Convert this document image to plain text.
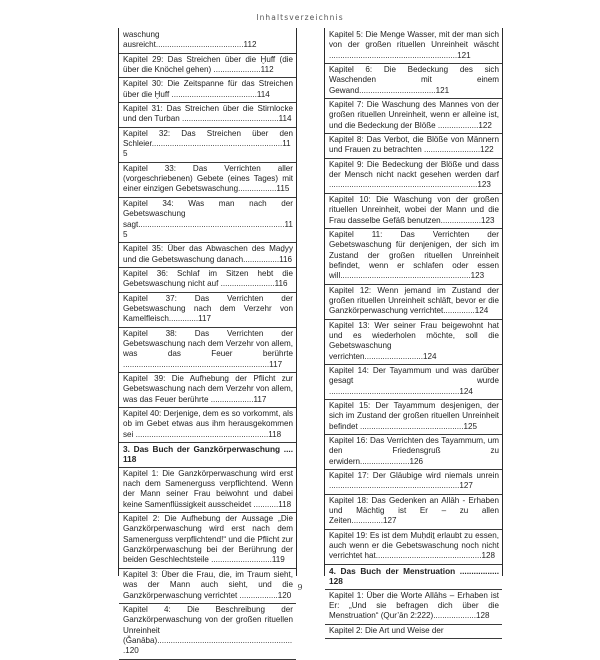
Inhaltsverzeichnis
waschung ausreicht.......................................112
Kapitel 29: Das Streichen über die Ḫuff (die über die Knöchel gehen) .....................112
Kapitel 30: Die Zeitspanne für das Streichen über die Ḫuff ......................................114
Kapitel 31: Das Streichen über die Stirnlocke und den Turban ...........................................114
Kapitel 32: Das Streichen über den Schleier..........................................................115
Kapitel 33: Das Verrichten aller (vorgeschriebenen) Gebete (eines Tages) mit einer einzigen Gebetswaschung.................115
Kapitel 34: Was man nach der Gebetswaschung sagt.................................................................115
Kapitel 35: Über das Abwaschen des Maḏyy und die Gebetswaschung danach................116
Kapitel 36: Schlaf im Sitzen hebt die Gebetswaschung nicht auf ........................116
Kapitel 37: Das Verrichten der Gebetswaschung nach dem Verzehr von Kamelfleisch.............117
Kapitel 38: Das Verrichten der Gebetswaschung nach dem Verzehr von allem, was das Feuer berührte .................................................................117
Kapitel 39: Die Aufhebung der Pflicht zur Gebetswaschung nach dem Verzehr von allem, was das Feuer berührte ...................117
Kapitel 40: Derjenige, dem es so vorkommt, als ob im Gebet etwas aus ihm herausgekommen sei ...........................................................118
3. Das Buch der Ganzkörperwaschung .... 118
Kapitel 1: Die Ganzkörperwaschung wird erst nach dem Samenerguss verpflichtend. Wenn der Mann seiner Frau beiwohnt und dabei keine Samenflüssigkeit ausscheidet ...........118
Kapitel 2: Die Aufhebung der Aussage „Die Ganzkörperwaschung wird erst nach dem Samenerguss verpflichtend!“ und die Pflicht zur Ganzkörperwaschung bei der Berührung der beiden Geschlechtsteile ...........................119
Kapitel 3: Über die Frau, die, im Traum sieht, was der Mann auch sieht, und die Ganzkörperwaschung verrichtet .................120
Kapitel 4: Die Beschreibung der Ganzkörperwaschung von der großen rituellen Unreinheit (Ǧanāba).............................................................120
Kapitel 5: Die Menge Wasser, mit der man sich von der großen rituellen Unreinheit wäscht .........................................................121
Kapitel 6: Die Bedeckung des sich Waschenden mit einem Gewand..................................121
Kapitel 7: Die Waschung des Mannes von der großen rituellen Unreinheit, wenn er alleine ist, und die Bedeckung der Blöße ..................122
Kapitel 8: Das Verbot, die Blöße von Männern und Frauen zu betrachten .........................122
Kapitel 9: Die Bedeckung der Blöße und dass der Mensch nicht nackt gesehen werden darf ..................................................................123
Kapitel 10: Die Waschung von der großen rituellen Unreinheit, wobei der Mann und die Frau dasselbe Gefäß benutzen..................123
Kapitel 11: Das Verrichten der Gebetswaschung für denjenigen, der sich im Zustand der großen rituellen Unreinheit befindet, wenn er schlafen oder essen will..........................................................123
Kapitel 12: Wenn jemand im Zustand der großen rituellen Unreinheit schläft, bevor er die Ganzkörperwaschung verrichtet..............124
Kapitel 13: Wer seiner Frau beigewohnt hat und es wiederholen möchte, soll die Gebetswaschung verrichten..........................124
Kapitel 14: Der Tayammum und was darüber gesagt wurde ..........................................................124
Kapitel 15: Der Tayammum desjenigen, der sich im Zustand der großen rituellen Unreinheit befindet ..............................................125
Kapitel 16: Das Verrichten des Tayammum, um den Friedensgruß zu erwidern......................126
Kapitel 17: Der Gläubige wird niemals unrein ..........................................................127
Kapitel 18: Das Gedenken an Allāh - Erhaben und Mächtig ist Er – zu allen Zeiten..............127
Kapitel 19: Es ist dem Muḥdiṯ erlaubt zu essen, auch wenn er die Gebetswaschung noch nicht verrichtet hat...............................................128
4. Das Buch der Menstruation ................. 128
Kapitel 1: Über die Worte Allāhs – Erhaben ist Er: „Und sie befragen dich über die Menstruation“ (Qur’ān 2:222)...................128
Kapitel 2: Die Art und Weise der
9
